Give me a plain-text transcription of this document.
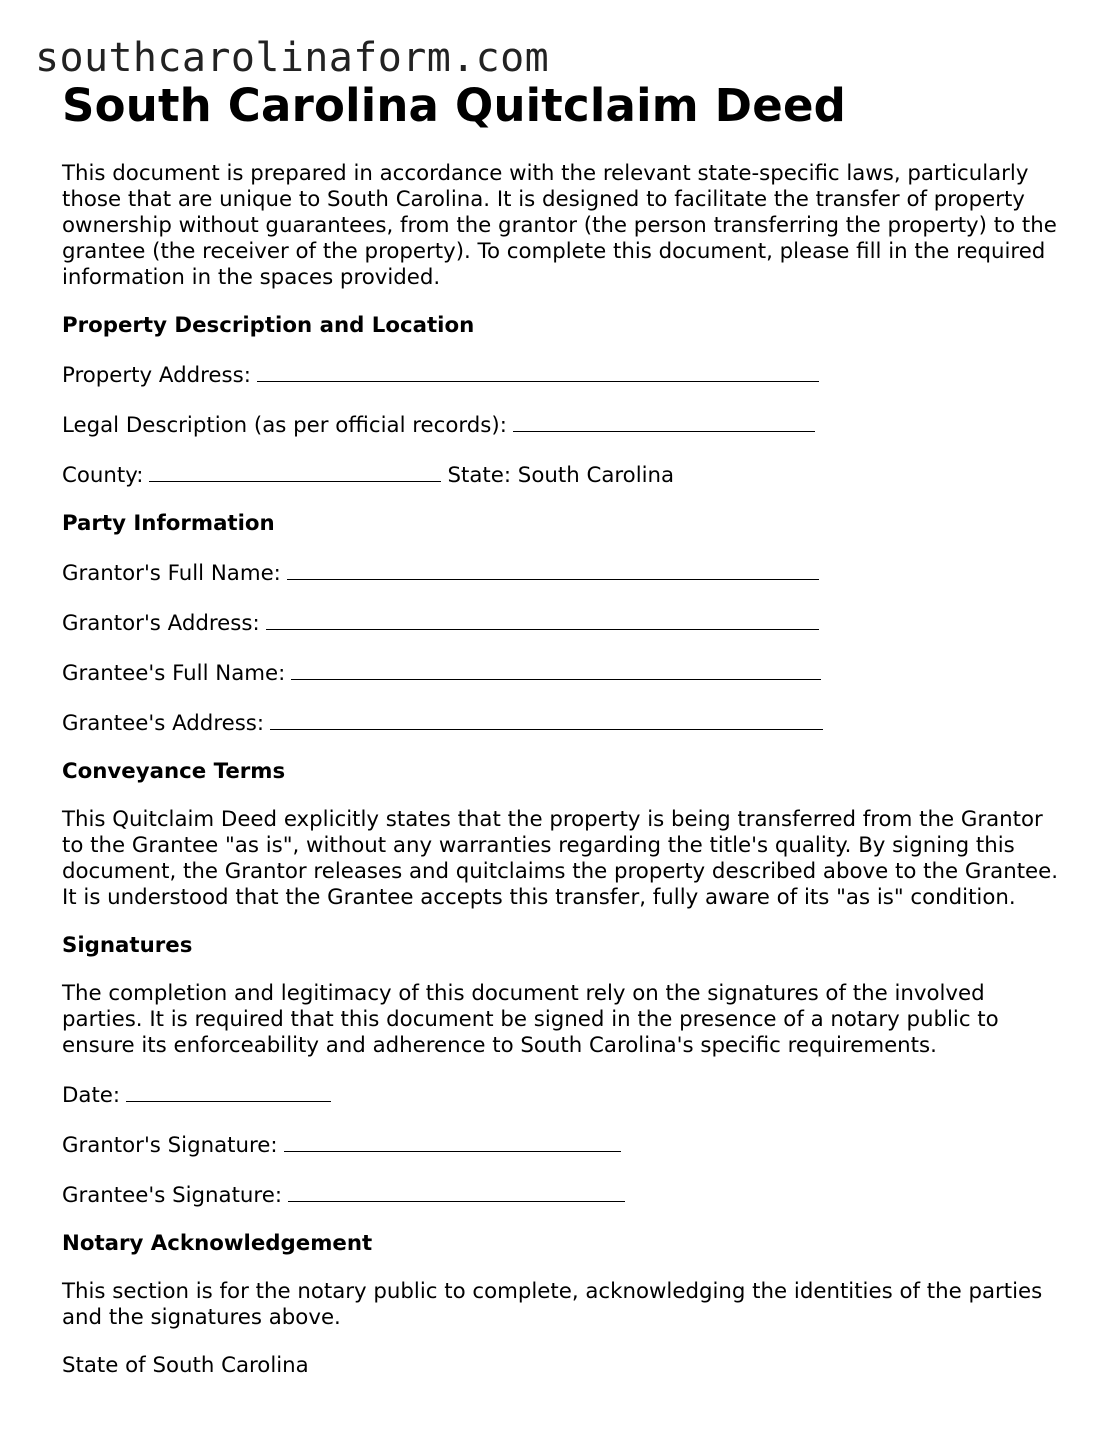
southcarolinaform.com
South Carolina Quitclaim Deed

This document is prepared in accordance with the relevant state-specific laws, particularly those that are unique to South Carolina. It is designed to facilitate the transfer of property ownership without guarantees, from the grantor (the person transferring the property) to the grantee (the receiver of the property). To complete this document, please fill in the required information in the spaces provided.

Property Description and Location

Property Address:

Legal Description (as per official records):

County:	State: South Carolina

Party Information

Grantor's Full Name:

Grantor's Address:

Grantee's Full Name:

Grantee's Address:

Conveyance Terms

This Quitclaim Deed explicitly states that the property is being transferred from the Grantor to the Grantee "as is", without any warranties regarding the title's quality. By signing this document, the Grantor releases and quitclaims the property described above to the Grantee. It is understood that the Grantee accepts this transfer, fully aware of its "as is" condition.

Signatures

The completion and legitimacy of this document rely on the signatures of the involved parties. It is required that this document be signed in the presence of a notary public to ensure its enforceability and adherence to South Carolina's specific requirements.

Date:

Grantor's Signature:

Grantee's Signature:

Notary Acknowledgement

This section is for the notary public to complete, acknowledging the identities of the parties and the signatures above.

State of South Carolina
